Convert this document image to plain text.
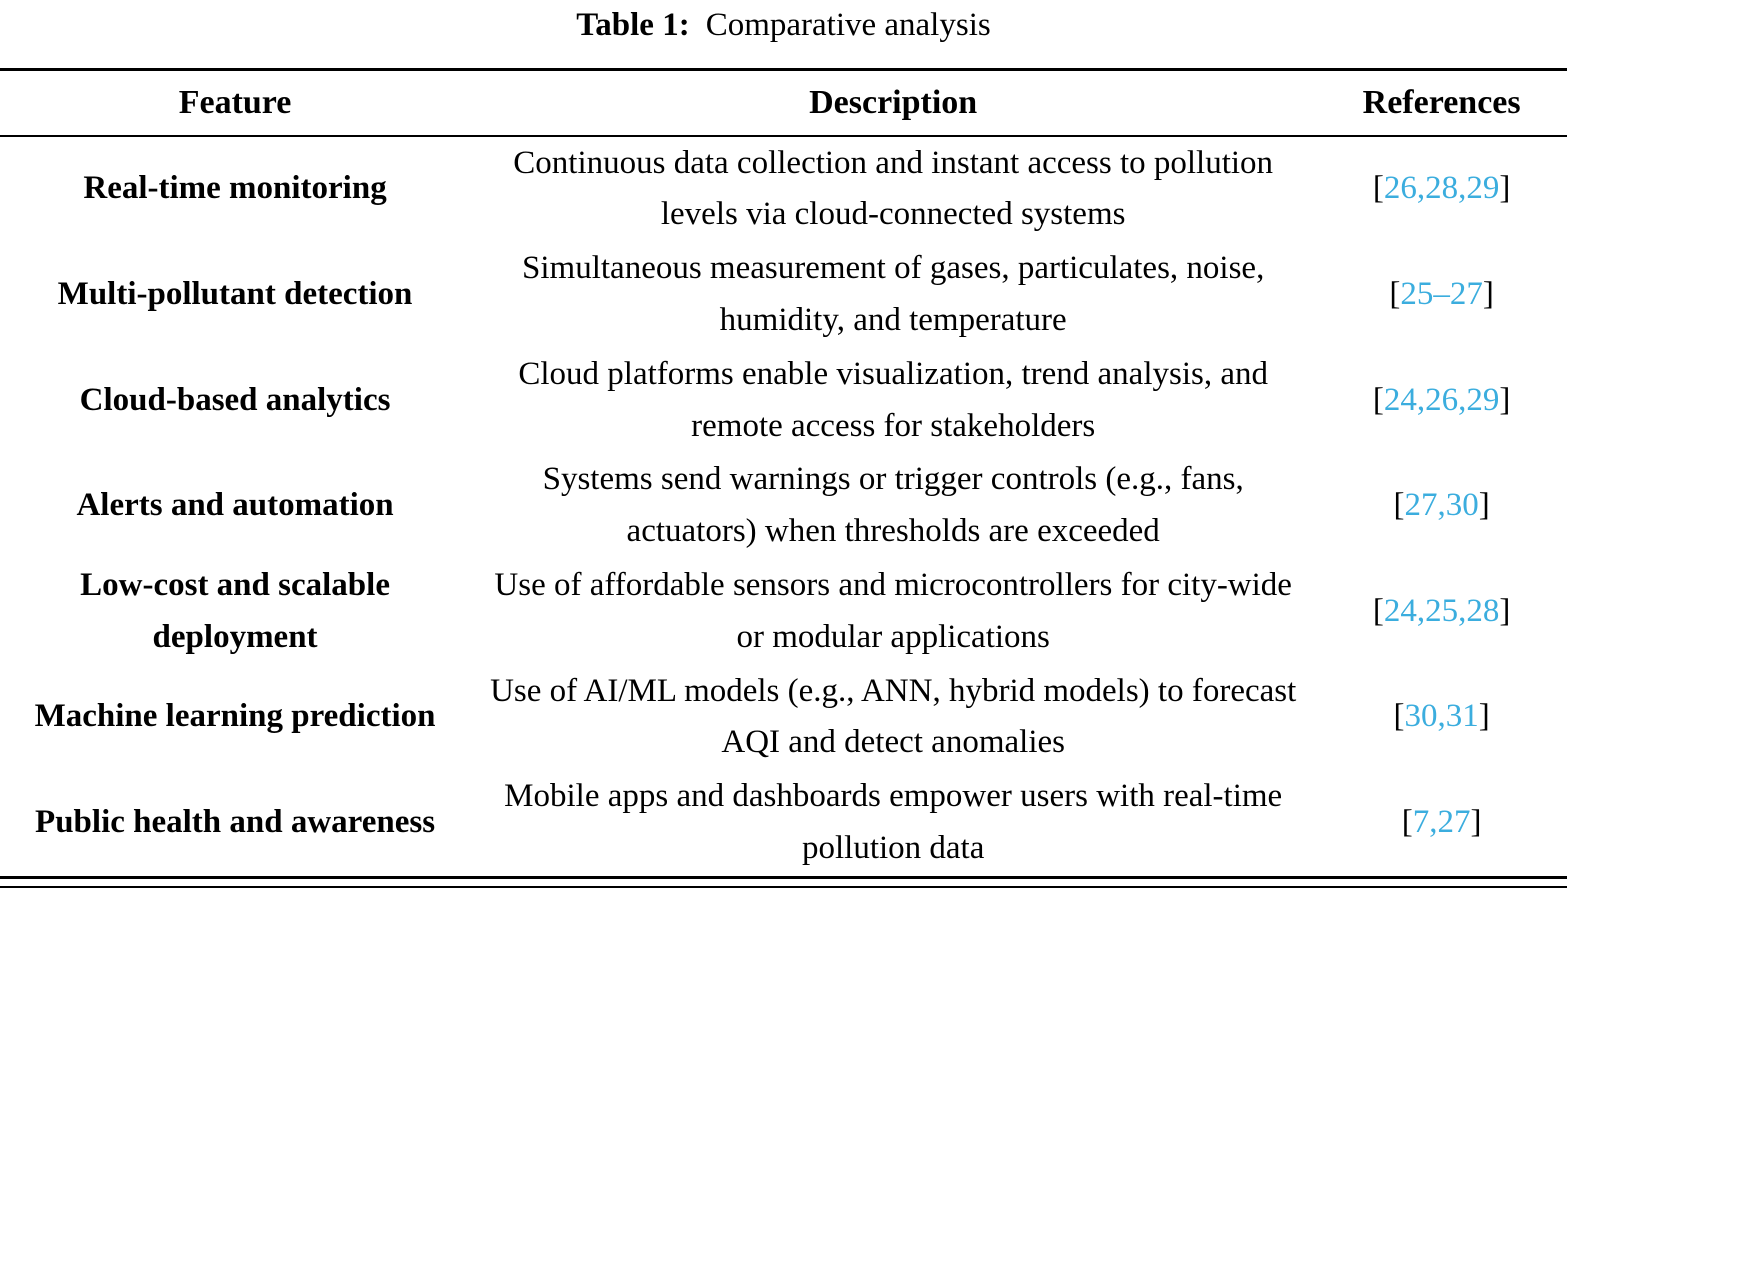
Table 1: Comparative analysis
Feature	Description	References
Real-time monitoring	Continuous data collection and instant access to pollution levels via cloud-connected systems	[26,28,29]
Multi-pollutant detection	Simultaneous measurement of gases, particulates, noise, humidity, and temperature	[25–27]
Cloud-based analytics	Cloud platforms enable visualization, trend analysis, and remote access for stakeholders	[24,26,29]
Alerts and automation	Systems send warnings or trigger controls (e.g., fans, actuators) when thresholds are exceeded	[27,30]
Low-cost and scalable deployment	Use of affordable sensors and microcontrollers for city-wide or modular applications	[24,25,28]
Machine learning prediction	Use of AI/ML models (e.g., ANN, hybrid models) to forecast AQI and detect anomalies	[30,31]
Public health and awareness	Mobile apps and dashboards empower users with real-time pollution data	[7,27]
